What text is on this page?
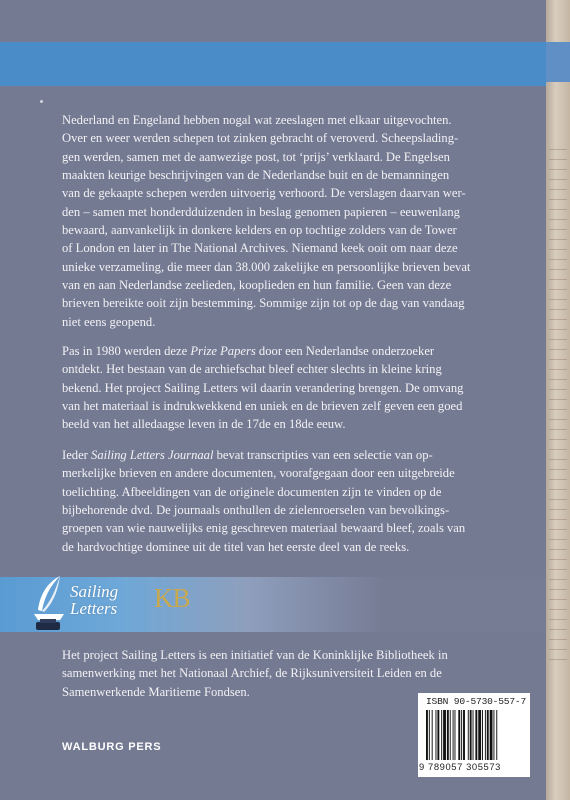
Nederland en Engeland hebben nogal wat zeeslagen met elkaar uitgevochten.
Over en weer werden schepen tot zinken gebracht of veroverd. Scheepslading-
gen werden, samen met de aanwezige post, tot ‘prijs’ verklaard. De Engelsen
maakten keurige beschrijvingen van de Nederlandse buit en de bemanningen
van de gekaapte schepen werden uitvoerig verhoord. De verslagen daarvan wer-
den – samen met honderdduizenden in beslag genomen papieren – eeuwenlang
bewaard, aanvankelijk in donkere kelders en op tochtige zolders van de Tower
of London en later in The National Archives. Niemand keek ooit om naar deze
unieke verzameling, die meer dan 38.000 zakelijke en persoonlijke brieven bevat
van en aan Nederlandse zeelieden, kooplieden en hun familie. Geen van deze
brieven bereikte ooit zijn bestemming. Sommige zijn tot op de dag van vandaag
niet eens geopend.

Pas in 1980 werden deze Prize Papers door een Nederlandse onderzoeker
ontdekt. Het bestaan van de archiefschat bleef echter slechts in kleine kring
bekend. Het project Sailing Letters wil daarin verandering brengen. De omvang
van het materiaal is indrukwekkend en uniek en de brieven zelf geven een goed
beeld van het alledaagse leven in de 17de en 18de eeuw.

Ieder Sailing Letters Journaal bevat transcripties van een selectie van op-
merkelijke brieven en andere documenten, voorafgegaan door een uitgebreide
toelichting. Afbeeldingen van de originele documenten zijn te vinden op de
bijbehorende dvd. De journaals onthullen de zielenroerselen van bevolkings-
groepen van wie nauwelijks enig geschreven materiaal bewaard bleef, zoals van
de hardvochtige dominee uit de titel van het eerste deel van de reeks.

Sailing
Letters KB

Het project Sailing Letters is een initiatief van de Koninklijke Bibliotheek in
samenwerking met het Nationaal Archief, de Rijksuniversiteit Leiden en de
Samenwerkende Maritieme Fondsen.

WALBURG PERS
ISBN 90-5730-557-7
9 789057 305573
